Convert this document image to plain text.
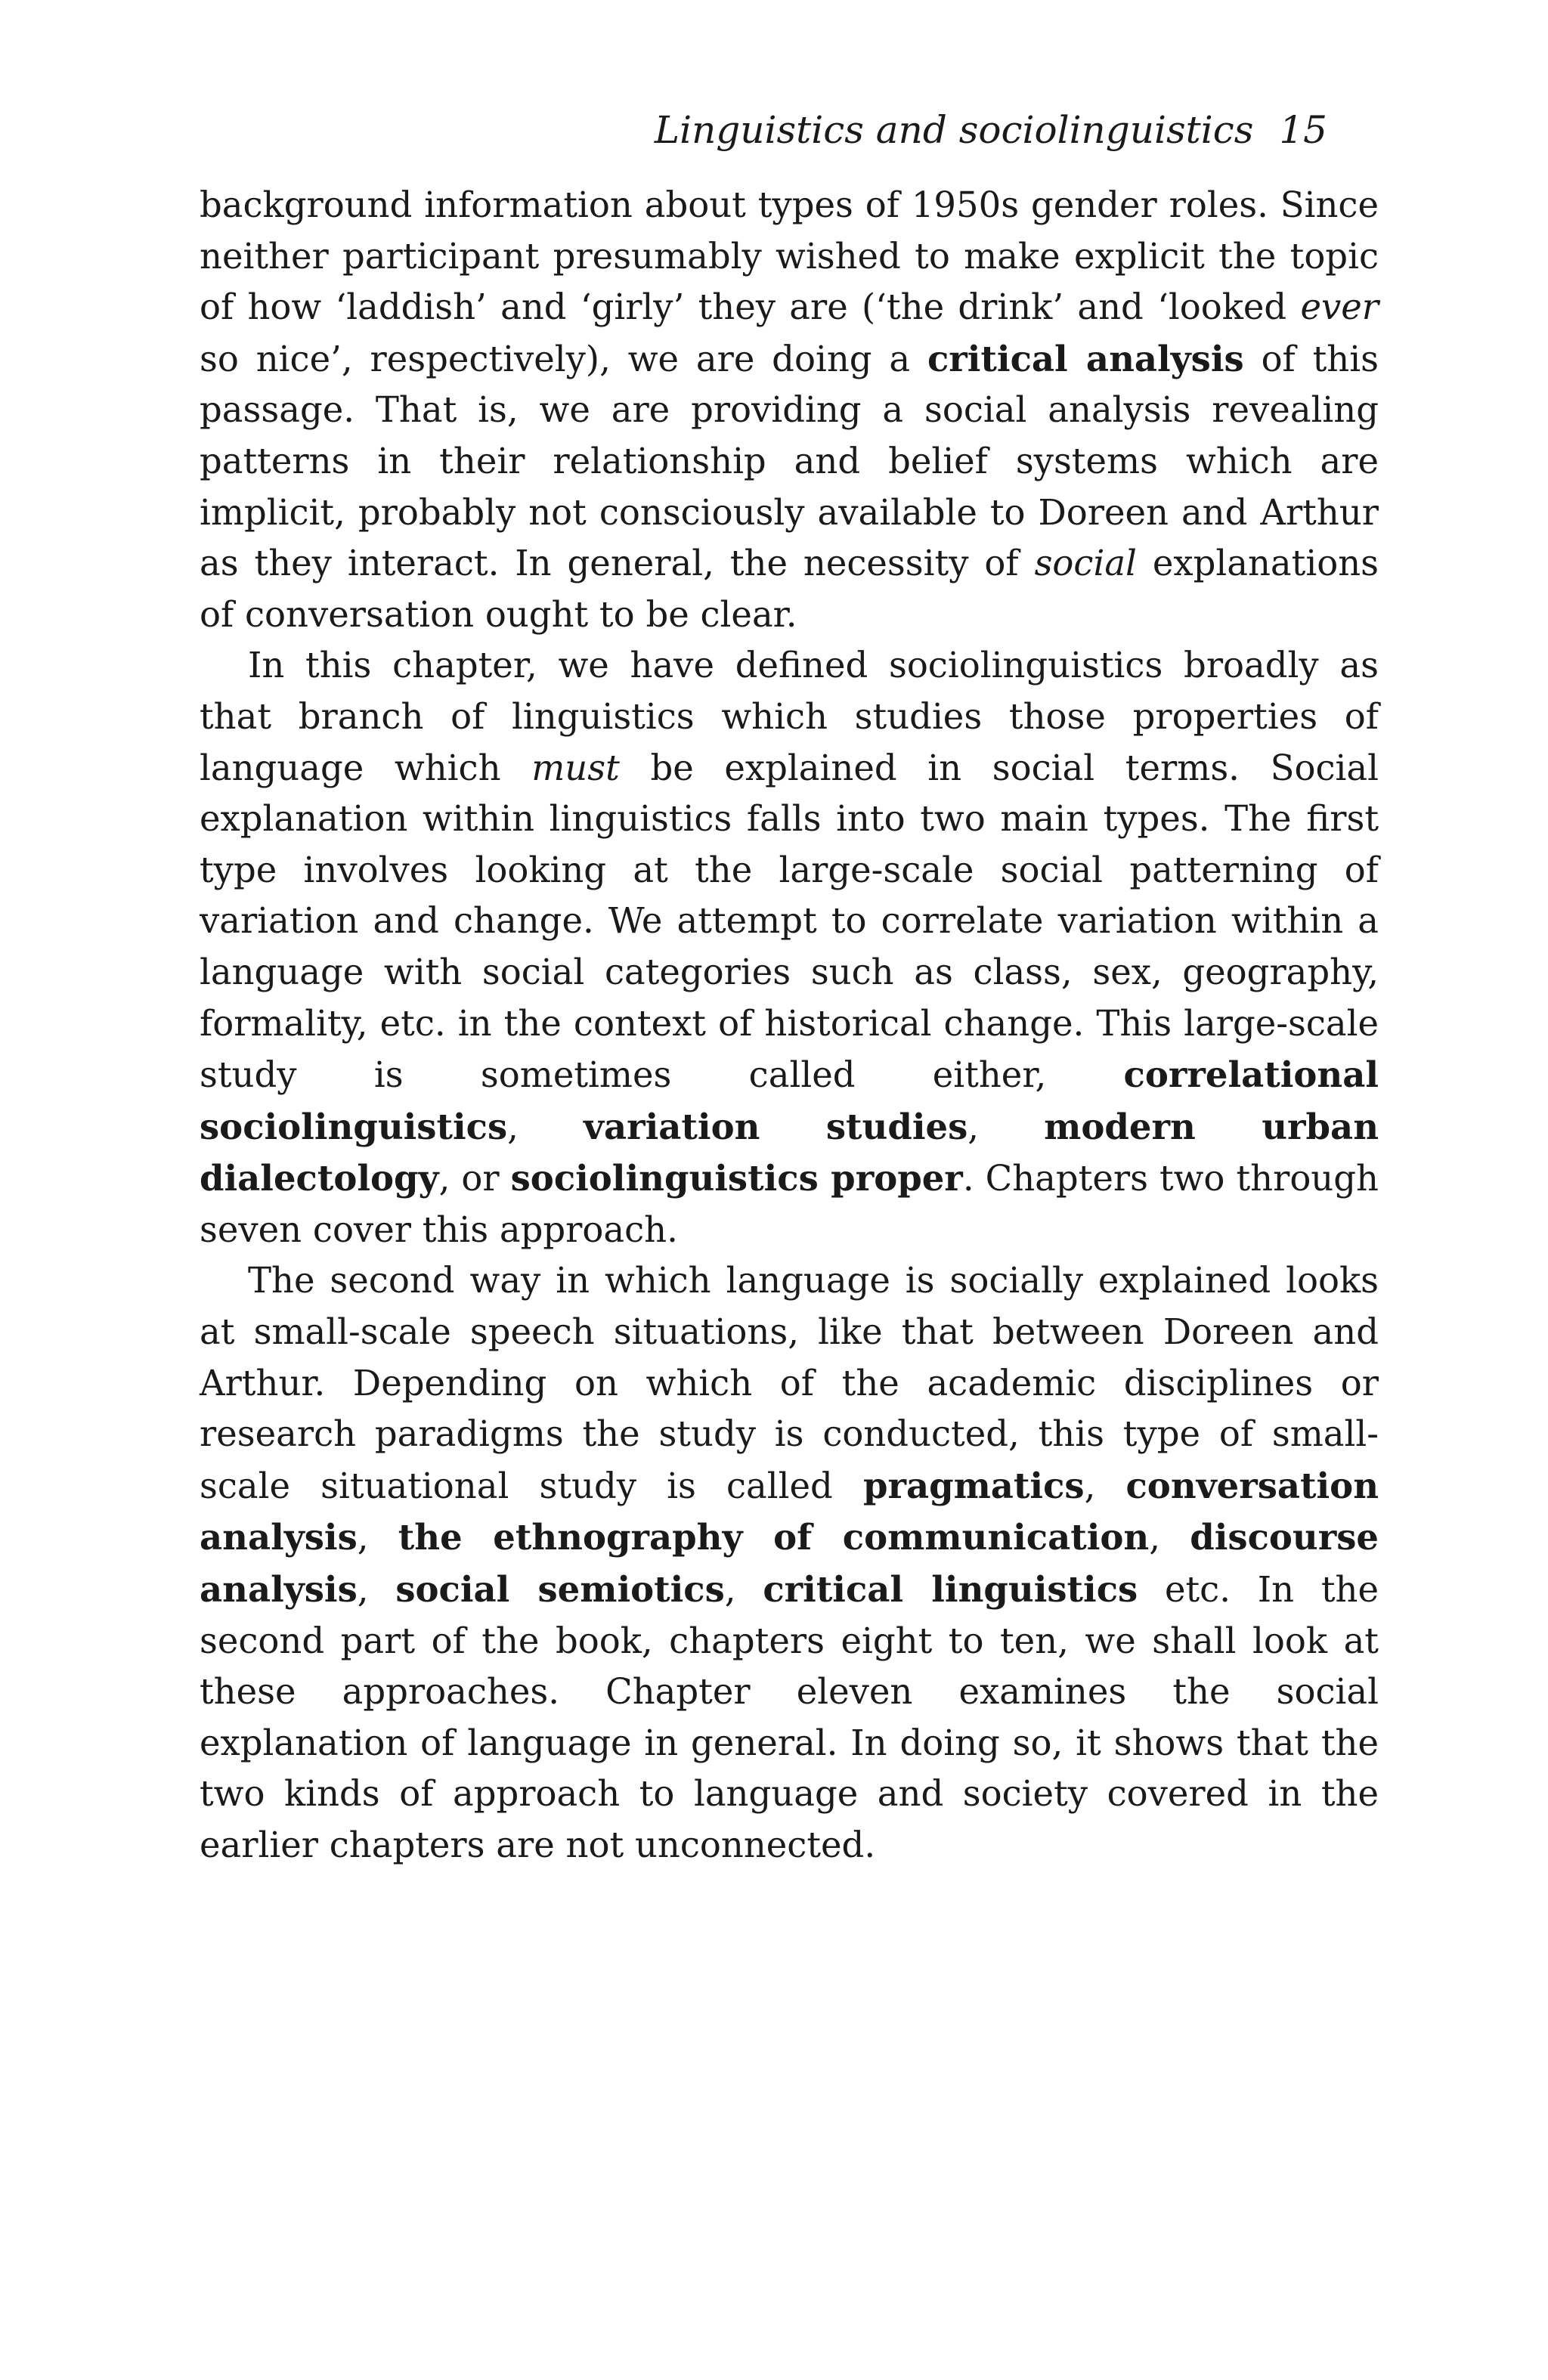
Linguistics and sociolinguistics 15

background information about types of 1950s gender roles. Since neither participant presumably wished to make explicit the topic of how ‘laddish’ and ‘girly’ they are (‘the drink’ and ‘looked ever so nice’, respectively), we are doing a critical analysis of this passage. That is, we are providing a social analysis revealing patterns in their relationship and belief systems which are implicit, probably not consciously available to Doreen and Arthur as they interact. In general, the necessity of social explanations of conversation ought to be clear.

In this chapter, we have defined sociolinguistics broadly as that branch of linguistics which studies those properties of language which must be explained in social terms. Social explanation within linguistics falls into two main types. The first type involves looking at the large-scale social patterning of variation and change. We attempt to correlate variation within a language with social categories such as class, sex, geography, formality, etc. in the context of historical change. This large-scale study is sometimes called either, correlational sociolinguistics, variation studies, modern urban dialectology, or sociolinguistics proper. Chapters two through seven cover this approach.

The second way in which language is socially explained looks at small-scale speech situations, like that between Doreen and Arthur. Depending on which of the academic disciplines or research paradigms the study is conducted, this type of small-scale situational study is called pragmatics, conversation analysis, the ethnography of communication, discourse analysis, social semiotics, critical linguistics etc. In the second part of the book, chapters eight to ten, we shall look at these approaches. Chapter eleven examines the social explanation of language in general. In doing so, it shows that the two kinds of approach to language and society covered in the earlier chapters are not unconnected.
